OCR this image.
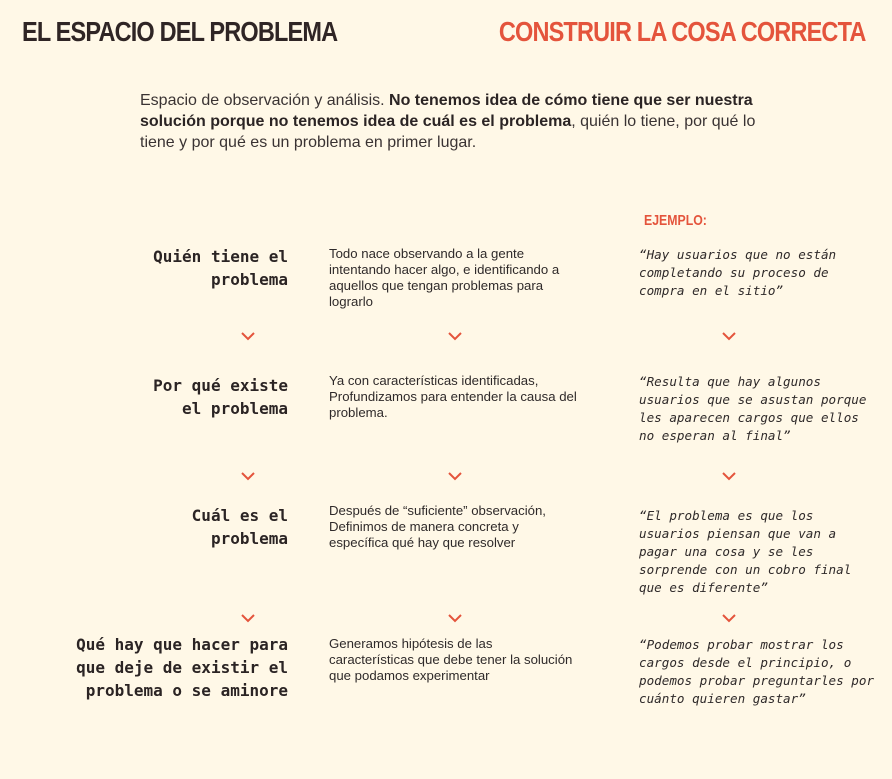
EL ESPACIO DEL PROBLEMA	CONSTRUIR LA COSA CORRECTA
Espacio de observación y análisis. No tenemos idea de cómo tiene que ser nuestra solución porque no tenemos idea de cuál es el problema, quién lo tiene, por qué lo tiene y por qué es un problema en primer lugar.
EJEMPLO:
Quién tiene el
problema
Todo nace observando a la gente intentando hacer algo, e identificando a aquellos que tengan problemas para lograrlo
“Hay usuarios que no están completando su proceso de compra en el sitio”
Por qué existe
el problema
Ya con características identificadas, Profundizamos para entender la causa del problema.
“Resulta que hay algunos usuarios que se asustan porque les aparecen cargos que ellos no esperan al final”
Cuál es el
problema
Después de “suficiente” observación, Definimos de manera concreta y específica qué hay que resolver
“El problema es que los usuarios piensan que van a pagar una cosa y se les sorprende con un cobro final que es diferente”
Qué hay que hacer para
que deje de existir el
problema o se aminore
Generamos hipótesis de las características que debe tener la solución que podamos experimentar
“Podemos probar mostrar los cargos desde el principio, o podemos probar preguntarles por cuánto quieren gastar”
